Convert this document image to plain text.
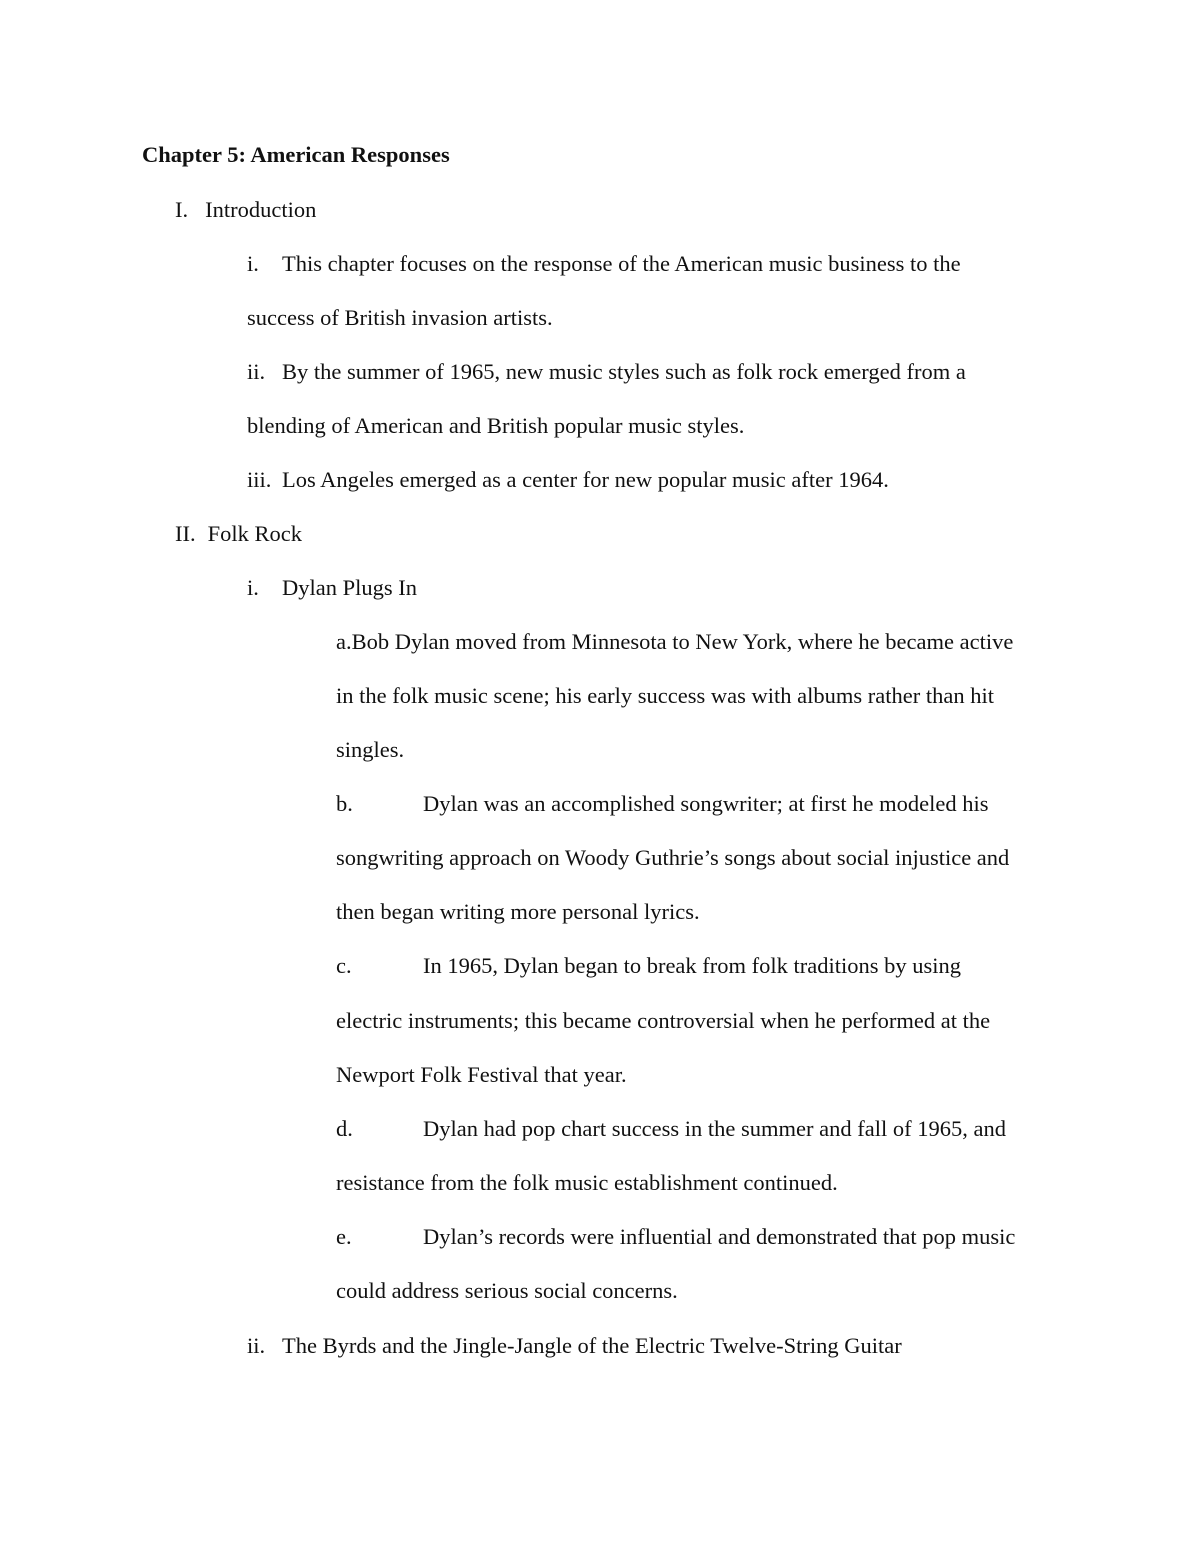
Chapter 5: American Responses
I. Introduction
i. This chapter focuses on the response of the American music business to the
success of British invasion artists.
ii. By the summer of 1965, new music styles such as folk rock emerged from a
blending of American and British popular music styles.
iii. Los Angeles emerged as a center for new popular music after 1964.
II. Folk Rock
i. Dylan Plugs In
a.Bob Dylan moved from Minnesota to New York, where he became active
in the folk music scene; his early success was with albums rather than hit
singles.
b.	Dylan was an accomplished songwriter; at first he modeled his
songwriting approach on Woody Guthrie’s songs about social injustice and
then began writing more personal lyrics.
c.	In 1965, Dylan began to break from folk traditions by using
electric instruments; this became controversial when he performed at the
Newport Folk Festival that year.
d.	Dylan had pop chart success in the summer and fall of 1965, and
resistance from the folk music establishment continued.
e.	Dylan’s records were influential and demonstrated that pop music
could address serious social concerns.
ii. The Byrds and the Jingle-Jangle of the Electric Twelve-String Guitar
